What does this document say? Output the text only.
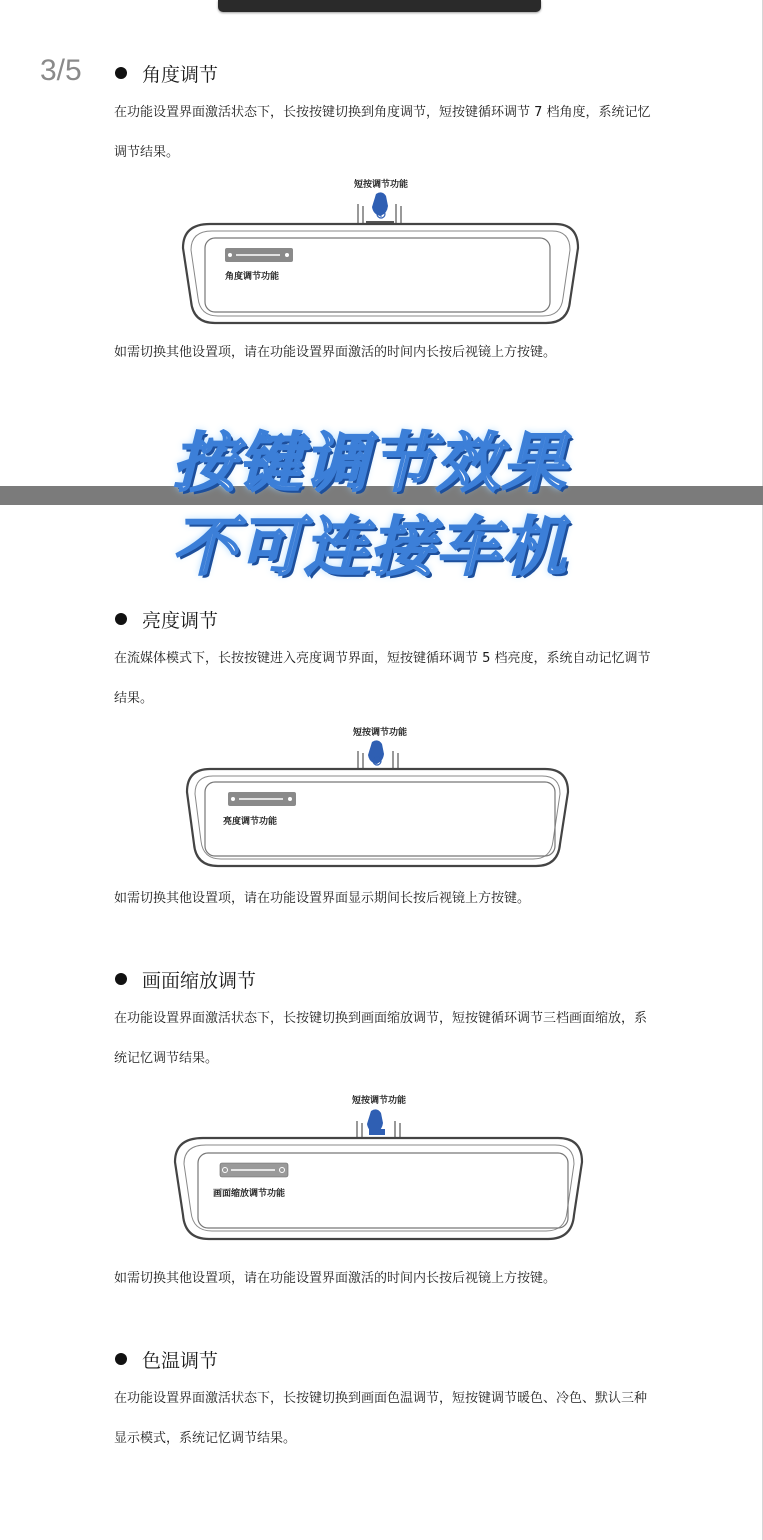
3/5	角度调节
在功能设置界面激活状态下，长按按键切换到角度调节，短按键循环调节 7 档角度，系统记忆调节结果。
短按调节功能
角度调节功能
如需切换其他设置项，请在功能设置界面激活的时间内长按后视镜上方按键。
按键调节效果
不可连接车机
亮度调节
在流媒体模式下，长按按键进入亮度调节界面，短按键循环调节 5 档亮度，系统自动记忆调节结果。
短按调节功能
亮度调节功能
如需切换其他设置项，请在功能设置界面显示期间长按后视镜上方按键。
画面缩放调节
在功能设置界面激活状态下，长按键切换到画面缩放调节，短按键循环调节三档画面缩放，系统记忆调节结果。
短按调节功能
画面缩放调节功能
如需切换其他设置项，请在功能设置界面激活的时间内长按后视镜上方按键。
色温调节
在功能设置界面激活状态下，长按键切换到画面色温调节，短按键调节暖色、冷色、默认三种显示模式，系统记忆调节结果。
